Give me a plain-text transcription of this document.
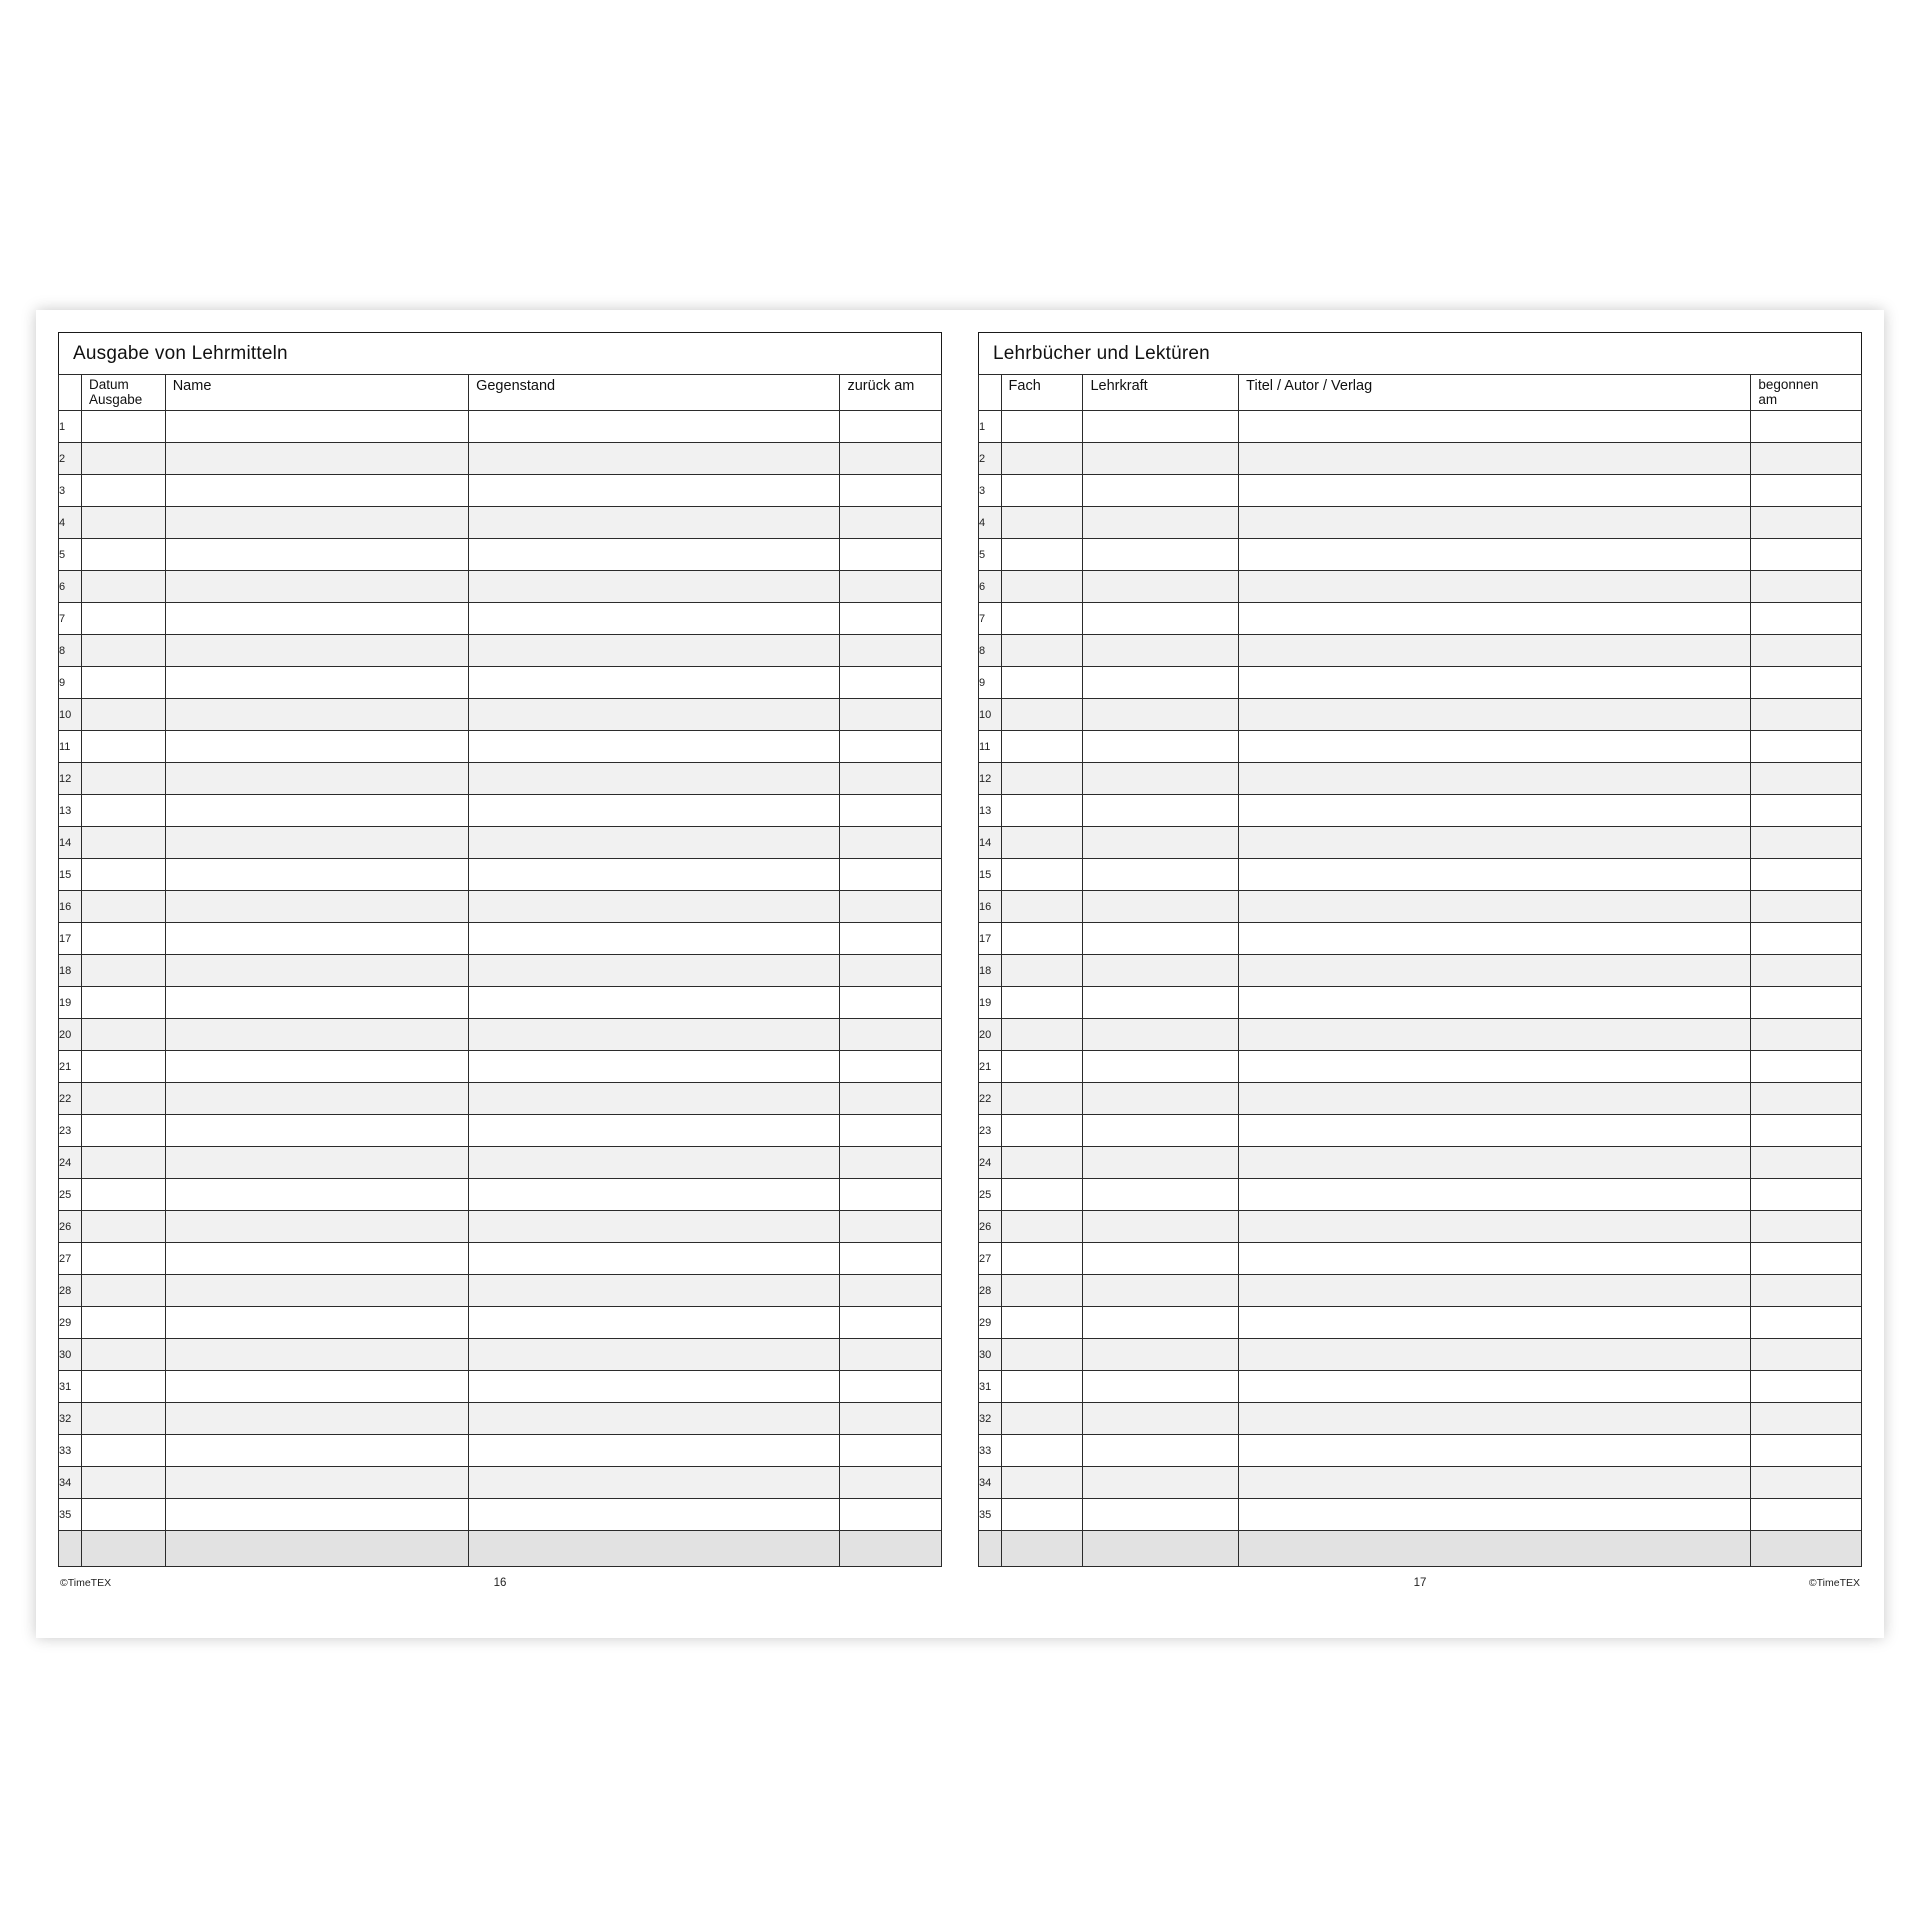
Ausgabe von Lehrmitteln

	Datum
Ausgabe	Name	Gegenstand	zurück am
1				
2				
3				
4				
5				
6				
7				
8				
9				
10				
11				
12				
13				
14				
15				
16				
17				
18				
19				
20				
21				
22				
23				
24				
25				
26				
27				
28				
29				
30				
31				
32				
33				
34				
35				

©TimeTEX	16
Lehrbücher und Lektüren
	Fach	Lehrkraft	Titel / Autor / Verlag	begonnen
am

1				
2				
3				
4				
5				
6				
7				
8				
9				
10				
11				
12				
13				
14				
15				
16				
17				
18				
19				
20				
21				
22				
23				
24				
25				
26				
27				
28				
29				
30				
31				
32				
33				
34				
35				

17	©TimeTEX
